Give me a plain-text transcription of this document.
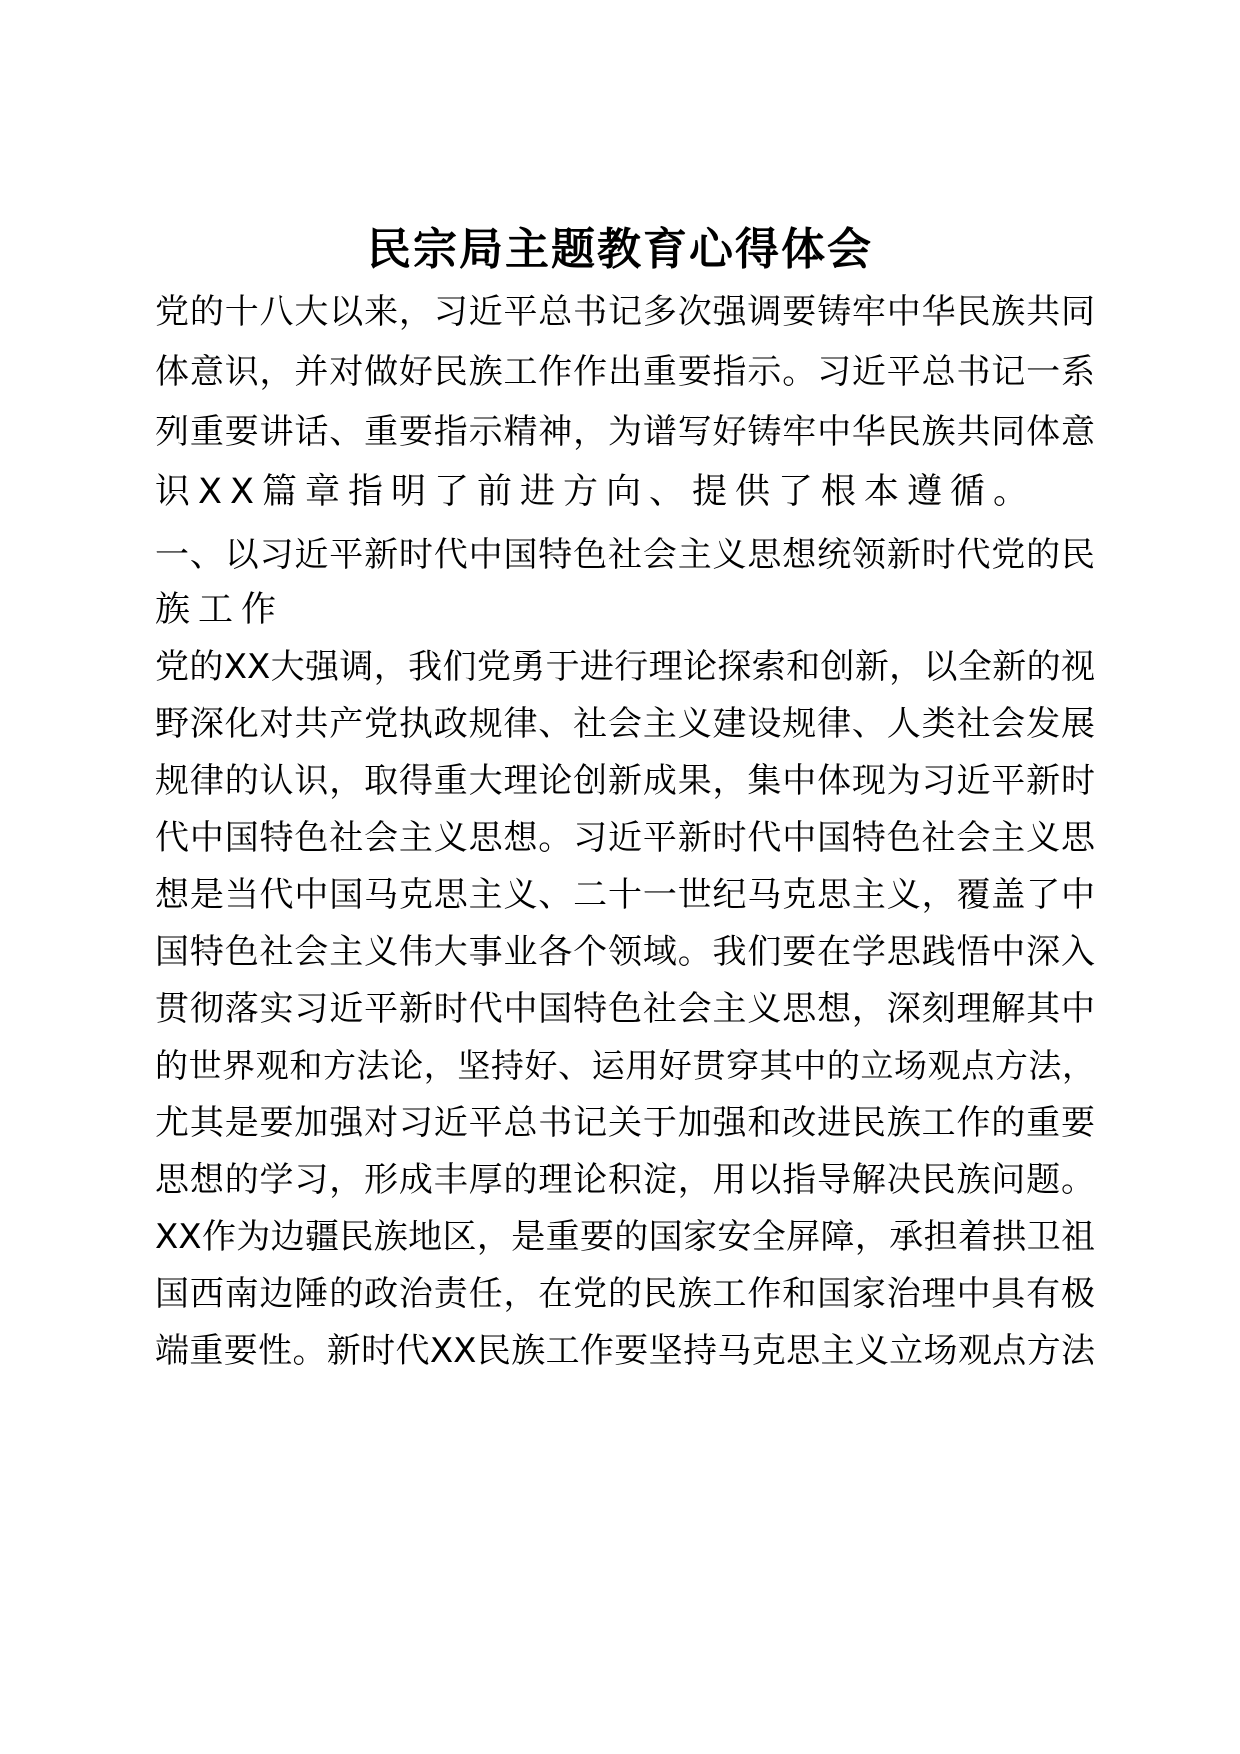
民宗局主题教育心得体会
党的十八大以来，习近平总书记多次强调要铸牢中华民族共同
体意识，并对做好民族工作作出重要指示。习近平总书记一系
列重要讲话、重要指示精神，为谱写好铸牢中华民族共同体意
识XX篇章指明了前进方向、提供了根本遵循。
一、以习近平新时代中国特色社会主义思想统领新时代党的民
族工作
党的XX大强调，我们党勇于进行理论探索和创新，以全新的视
野深化对共产党执政规律、社会主义建设规律、人类社会发展
规律的认识，取得重大理论创新成果，集中体现为习近平新时
代中国特色社会主义思想。习近平新时代中国特色社会主义思
想是当代中国马克思主义、二十一世纪马克思主义，覆盖了中
国特色社会主义伟大事业各个领域。我们要在学思践悟中深入
贯彻落实习近平新时代中国特色社会主义思想，深刻理解其中
的世界观和方法论，坚持好、运用好贯穿其中的立场观点方法，
尤其是要加强对习近平总书记关于加强和改进民族工作的重要
思想的学习，形成丰厚的理论积淀，用以指导解决民族问题。
XX作为边疆民族地区，是重要的国家安全屏障，承担着拱卫祖
国西南边陲的政治责任，在党的民族工作和国家治理中具有极
端重要性。新时代XX民族工作要坚持马克思主义立场观点方法
